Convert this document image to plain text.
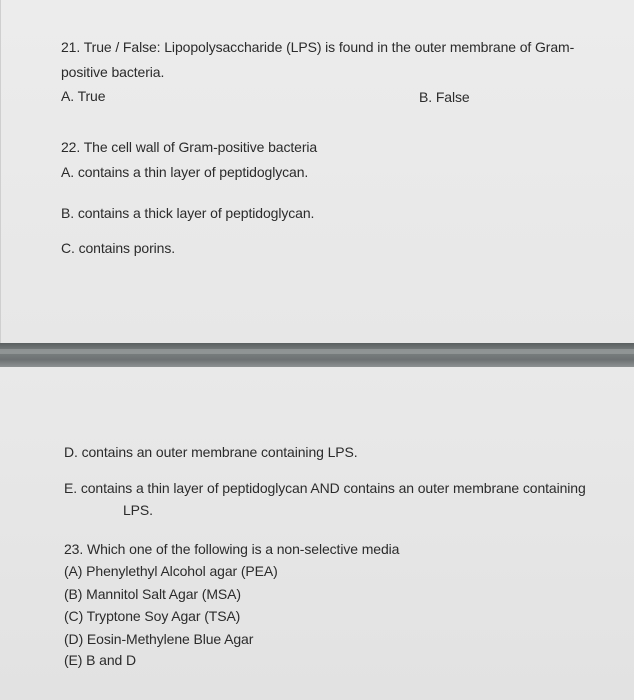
21. True / False: Lipopolysaccharide (LPS) is found in the outer membrane of Gram-
positive bacteria.
A. True	B. False
22. The cell wall of Gram-positive bacteria
A. contains a thin layer of peptidoglycan.
B. contains a thick layer of peptidoglycan.
C. contains porins.
D. contains an outer membrane containing LPS.
E. contains a thin layer of peptidoglycan AND contains an outer membrane containing
LPS.
23. Which one of the following is a non-selective media
(A) Phenylethyl Alcohol agar (PEA)
(B) Mannitol Salt Agar (MSA)
(C) Tryptone Soy Agar (TSA)
(D) Eosin-Methylene Blue Agar
(E) B and D
